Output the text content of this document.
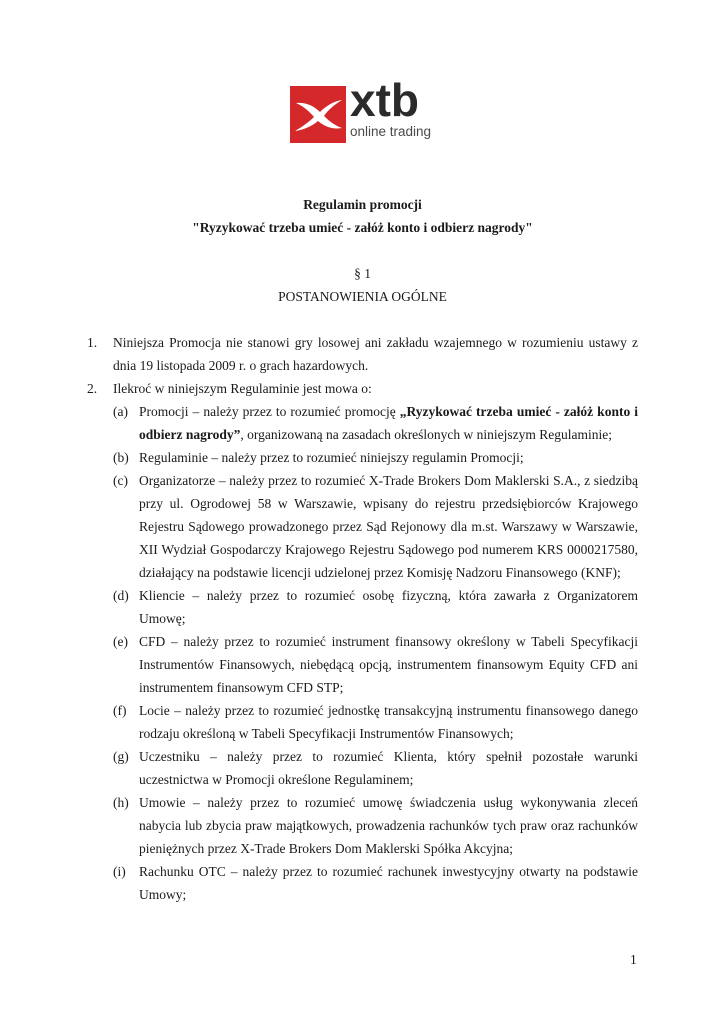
xtb
online trading
Regulamin promocji
"Ryzykować trzeba umieć - załóż konto i odbierz nagrody"
§ 1
POSTANOWIENIA OGÓLNE
1. Niniejsza Promocja nie stanowi gry losowej ani zakładu wzajemnego w rozumieniu ustawy z dnia 19 listopada 2009 r. o grach hazardowych.
2. Ilekroć w niniejszym Regulaminie jest mowa o:
(a) Promocji – należy przez to rozumieć promocję „Ryzykować trzeba umieć - załóż konto i odbierz nagrody”, organizowaną na zasadach określonych w niniejszym Regulaminie;
(b) Regulaminie – należy przez to rozumieć niniejszy regulamin Promocji;
(c) Organizatorze – należy przez to rozumieć X-Trade Brokers Dom Maklerski S.A., z siedzibą przy ul. Ogrodowej 58 w Warszawie, wpisany do rejestru przedsiębiorców Krajowego Rejestru Sądowego prowadzonego przez Sąd Rejonowy dla m.st. Warszawy w Warszawie, XII Wydział Gospodarczy Krajowego Rejestru Sądowego pod numerem KRS 0000217580, działający na podstawie licencji udzielonej przez Komisję Nadzoru Finansowego (KNF);
(d) Kliencie – należy przez to rozumieć osobę fizyczną, która zawarła z Organizatorem Umowę;
(e) CFD – należy przez to rozumieć instrument finansowy określony w Tabeli Specyfikacji Instrumentów Finansowych, niebędącą opcją, instrumentem finansowym Equity CFD ani instrumentem finansowym CFD STP;
(f) Locie – należy przez to rozumieć jednostkę transakcyjną instrumentu finansowego danego rodzaju określoną w Tabeli Specyfikacji Instrumentów Finansowych;
(g) Uczestniku – należy przez to rozumieć Klienta, który spełnił pozostałe warunki uczestnictwa w Promocji określone Regulaminem;
(h) Umowie – należy przez to rozumieć umowę świadczenia usług wykonywania zleceń nabycia lub zbycia praw majątkowych, prowadzenia rachunków tych praw oraz rachunków pieniężnych przez X-Trade Brokers Dom Maklerski Spółka Akcyjna;
(i) Rachunku OTC – należy przez to rozumieć rachunek inwestycyjny otwarty na podstawie Umowy;
1
